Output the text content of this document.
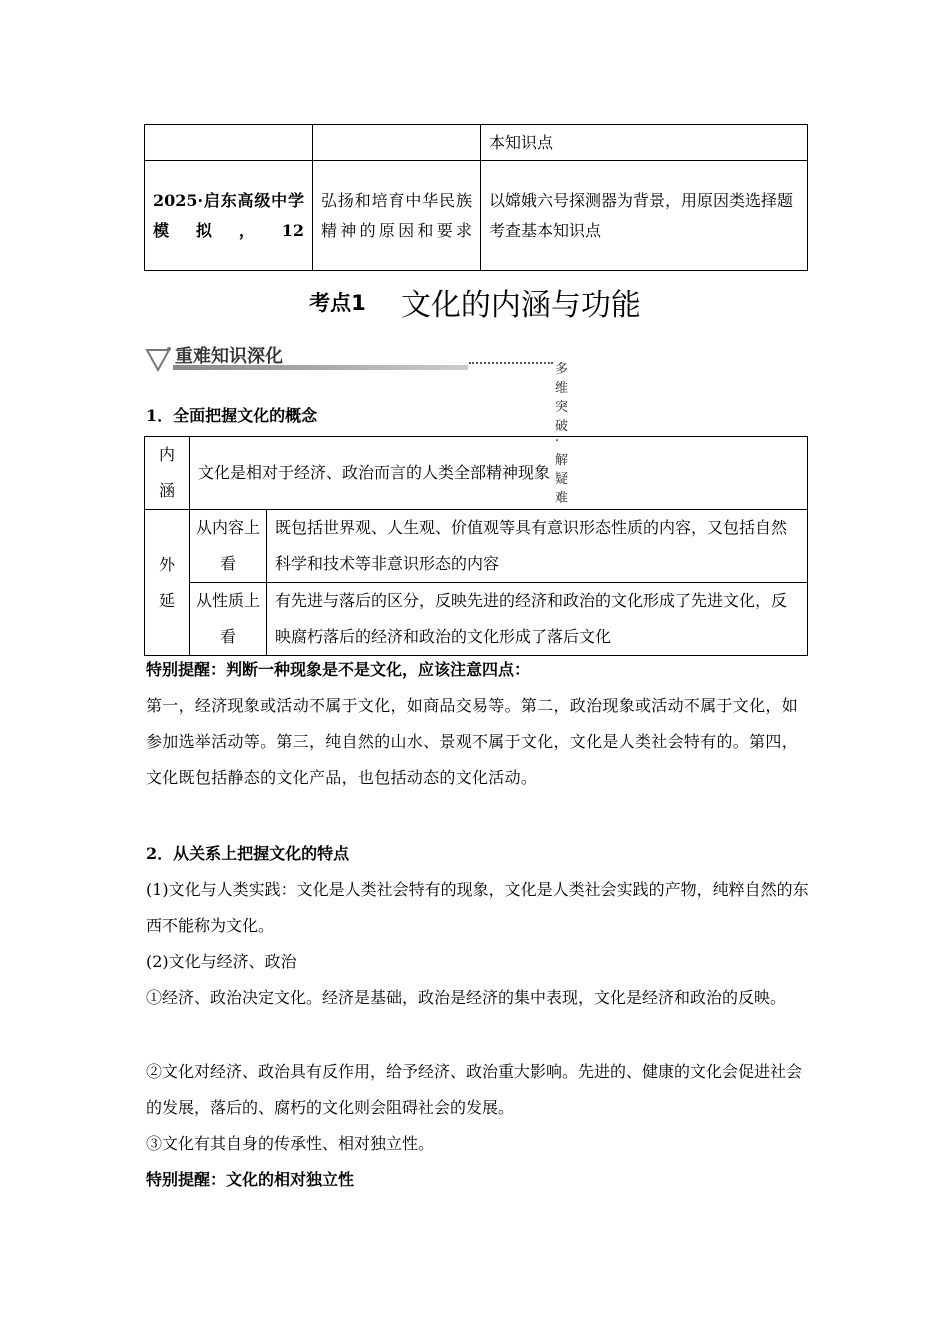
		本知识点
2025·启东高级中学模拟，12	弘扬和培育中华民族精神的原因和要求	以嫦娥六号探测器为背景，用原因类选择题考查基本知识点
考点1 文化的内涵与功能
重难知识深化
多维突破·解疑难
1．全面把握文化的概念
内涵	文化是相对于经济、政治而言的人类全部精神现象	
外延	从内容上看	既包括世界观、人生观、价值观等具有意识形态性质的内容，又包括自然科学和技术等非意识形态的内容
	从性质上看	有先进与落后的区分，反映先进的经济和政治的文化形成了先进文化，反映腐朽落后的经济和政治的文化形成了落后文化
特别提醒：判断一种现象是不是文化，应该注意四点：
第一，经济现象或活动不属于文化，如商品交易等。第二，政治现象或活动不属于文化，如参加选举活动等。第三，纯自然的山水、景观不属于文化，文化是人类社会特有的。第四，文化既包括静态的文化产品，也包括动态的文化活动。
2．从关系上把握文化的特点
(1)文化与人类实践：文化是人类社会特有的现象，文化是人类社会实践的产物，纯粹自然的东西不能称为文化。
(2)文化与经济、政治
①经济、政治决定文化。经济是基础，政治是经济的集中表现，文化是经济和政治的反映。
②文化对经济、政治具有反作用，给予经济、政治重大影响。先进的、健康的文化会促进社会的发展，落后的、腐朽的文化则会阻碍社会的发展。
③文化有其自身的传承性、相对独立性。
特别提醒：文化的相对独立性
